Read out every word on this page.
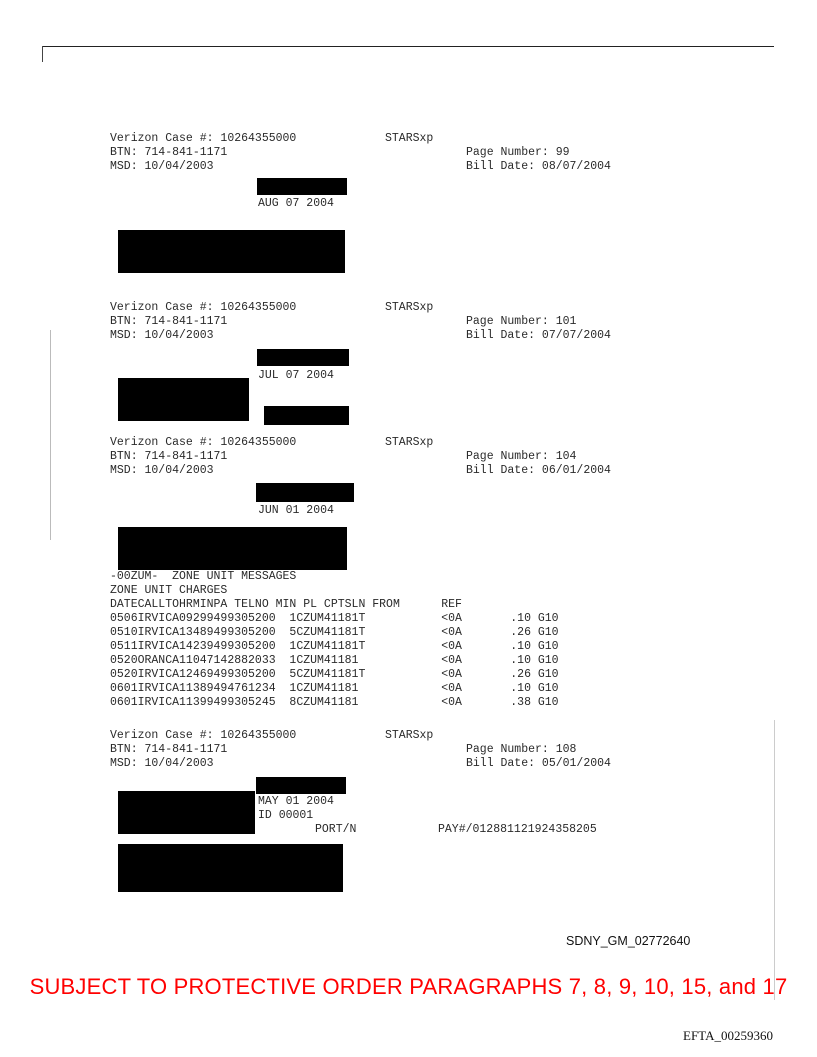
Verizon Case #: 10264355000	STARSxp
BTN: 714-841-1171	Page Number: 99
MSD: 10/04/2003	Bill Date: 08/07/2004
AUG 07 2004
Verizon Case #: 10264355000	STARSxp
BTN: 714-841-1171	Page Number: 101
MSD: 10/04/2003	Bill Date: 07/07/2004
JUL 07 2004
Verizon Case #: 10264355000	STARSxp
BTN: 714-841-1171	Page Number: 104
MSD: 10/04/2003	Bill Date: 06/01/2004
JUN 01 2004
-00ZUM-  ZONE UNIT MESSAGES
ZONE UNIT CHARGES
DATECALLTOHRMINPA TELNO MIN PL CPTSLN FROM      REF
0506IRVICA09299499305200  1CZUM41181T           <0A       .10 G10
0510IRVICA13489499305200  5CZUM41181T           <0A       .26 G10
0511IRVICA14239499305200  1CZUM41181T           <0A       .10 G10
0520ORANCA11047142882033  1CZUM41181            <0A       .10 G10
0520IRVICA12469499305200  5CZUM41181T           <0A       .26 G10
0601IRVICA11389494761234  1CZUM41181            <0A       .10 G10
0601IRVICA11399499305245  8CZUM41181            <0A       .38 G10
Verizon Case #: 10264355000	STARSxp
BTN: 714-841-1171	Page Number: 108
MSD: 10/04/2003	Bill Date: 05/01/2004
MAY 01 2004
ID 00001
PORT/N	PAY#/012881121924358205
SDNY_GM_02772640
SUBJECT TO PROTECTIVE ORDER PARAGRAPHS 7, 8, 9, 10, 15, and 17
EFTA_00259360
